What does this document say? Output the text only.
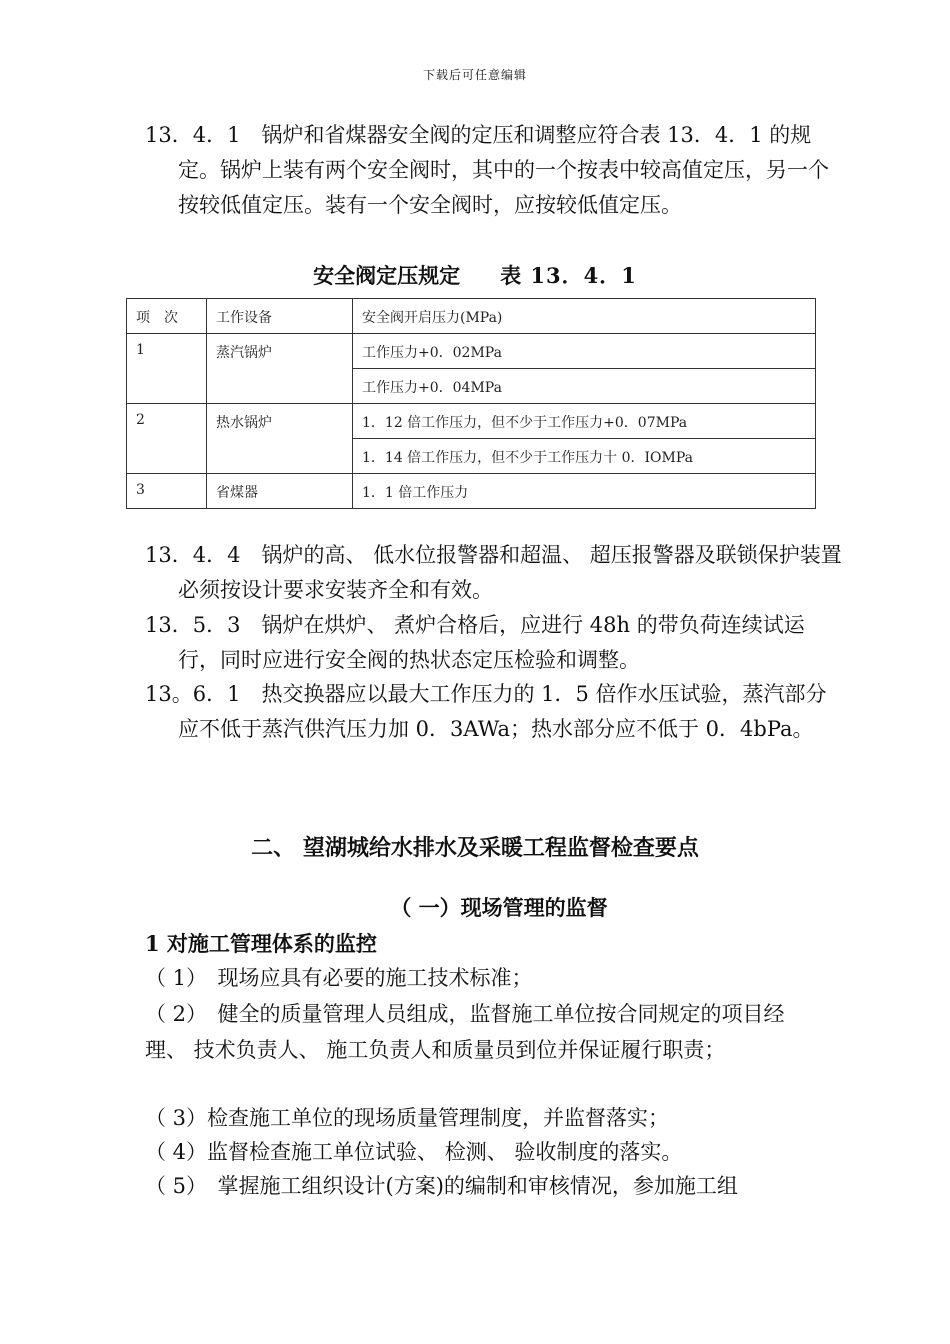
下载后可任意编辑
13．4．1　锅炉和省煤器安全阀的定压和调整应符合表 13．4．1 的规定。锅炉上装有两个安全阀时，其中的一个按表中较高值定压，另一个按较低值定压。装有一个安全阀时，应按较低值定压。
安全阀定压规定 表 13．4．1
项　次	工作设备	安全阀开启压力(MPa)
1	蒸汽锅炉	工作压力+0．02MPa
		工作压力+0．04MPa
2	热水锅炉	1．12 倍工作压力，但不少于工作压力+0．07MPa
		1．14 倍工作压力，但不少于工作压力十 0．IOMPa
3	省煤器	1．1 倍工作压力
13．4．4　锅炉的高、 低水位报警器和超温、 超压报警器及联锁保护装置必须按设计要求安装齐全和有效。
13．5．3　锅炉在烘炉、 煮炉合格后，应进行 48h 的带负荷连续试运行，同时应进行安全阀的热状态定压检验和调整。
13。6．1　热交换器应以最大工作压力的 1．5 倍作水压试验，蒸汽部分应不低于蒸汽供汽压力加 0．3AWa；热水部分应不低于 0．4bPa。
二、 望湖城给水排水及采暖工程监督检查要点
（ 一）现场管理的监督
1 对施工管理体系的监控
（ 1）　现场应具有必要的施工技术标准；
（ 2）　健全的质量管理人员组成，监督施工单位按合同规定的项目经理、 技术负责人、 施工负责人和质量员到位并保证履行职责；
（ 3）检查施工单位的现场质量管理制度，并监督落实；
（ 4）监督检查施工单位试验、 检测、 验收制度的落实。
（ 5）　掌握施工组织设计(方案)的编制和审核情况，参加施工组
